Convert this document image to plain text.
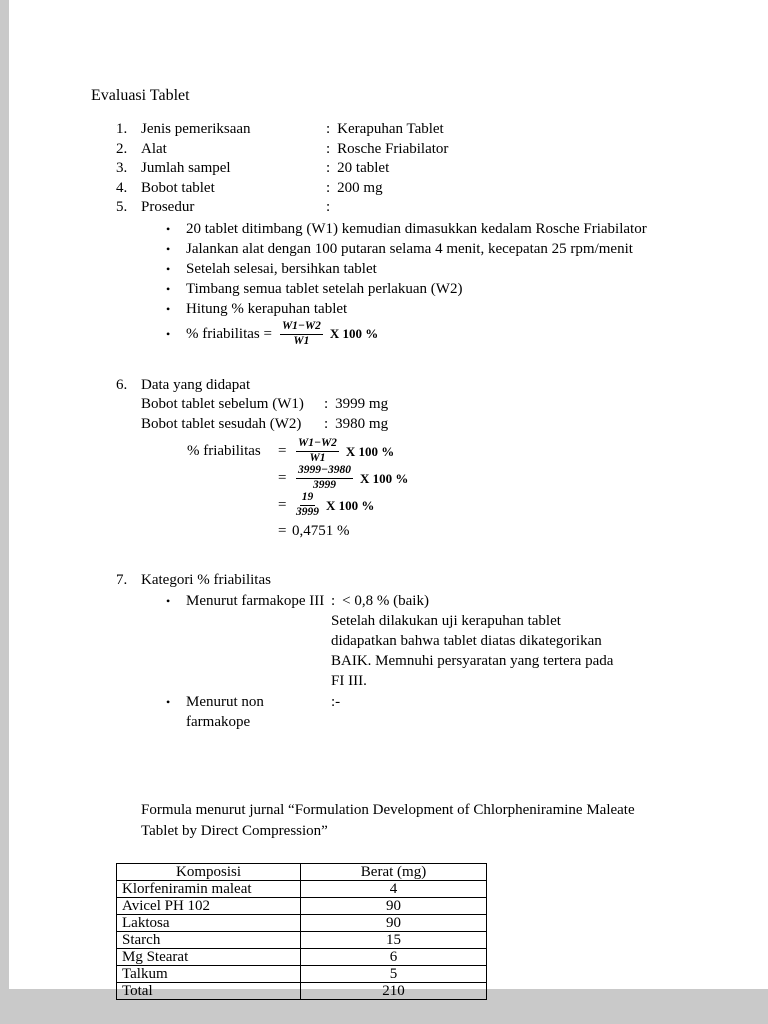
Evaluasi Tablet
1. Jenis pemeriksaan	: Kerapuhan Tablet
2. Alat	: Rosche Friabilator
3. Jumlah sampel	: 20 tablet
4. Bobot tablet	: 200 mg
5. Prosedur	:
•	20 tablet ditimbang (W1) kemudian dimasukkan kedalam Rosche Friabilator
•	Jalankan alat dengan 100 putaran selama 4 menit, kecepatan 25 rpm/menit
•	Setelah selesai, bersihkan tablet
•	Timbang semua tablet setelah perlakuan (W2)
•	Hitung % kerapuhan tablet
•	% friabilitas = $\frac{W1-W2}{W1}$ X 100 %
6. Data yang didapat
Bobot tablet sebelum (W1)	: 3999 mg
Bobot tablet sesudah (W2)	: 3980 mg
% friabilitas	= $\frac{W1-W2}{W1}$ X 100 %
= $\frac{3999-3980}{3999}$ X 100 %
= $\frac{19}{3999}$ X 100 %
= 0,4751 %
7. Kategori % friabilitas
•	Menurut farmakope III : < 0,8 % (baik)
Setelah dilakukan uji kerapuhan tablet
didapatkan bahwa tablet diatas dikategorikan
BAIK. Memnuhi persyaratan yang tertera pada
FI III.
•	Menurut non farmakope
:-
Formula menurut jurnal “Formulation Development of Chlorpheniramine Maleate
Tablet by Direct Compression”
Komposisi	Berat (mg)
Klorfeniramin maleat	4
Avicel PH 102	90
Laktosa	90
Starch	15
Mg Stearat	6
Talkum	5
Total	210
